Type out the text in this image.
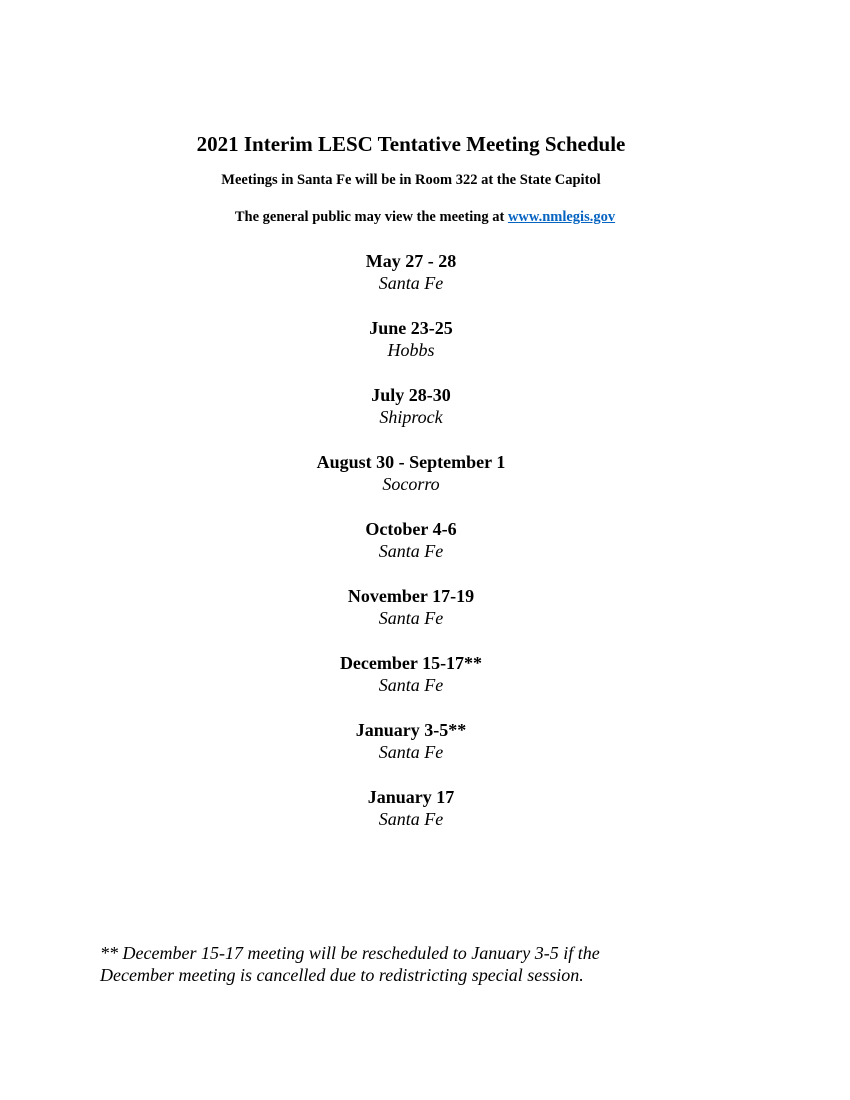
2021 Interim LESC Tentative Meeting Schedule
Meetings in Santa Fe will be in Room 322 at the State Capitol
The general public may view the meeting at www.nmlegis.gov
May 27 - 28
Santa Fe
June 23-25
Hobbs
July 28-30
Shiprock
August 30 - September 1
Socorro
October 4-6
Santa Fe
November 17-19
Santa Fe
December 15-17**
Santa Fe
January 3-5**
Santa Fe
January 17
Santa Fe
** December 15-17 meeting will be rescheduled to January 3-5 if the
December meeting is cancelled due to redistricting special session.
